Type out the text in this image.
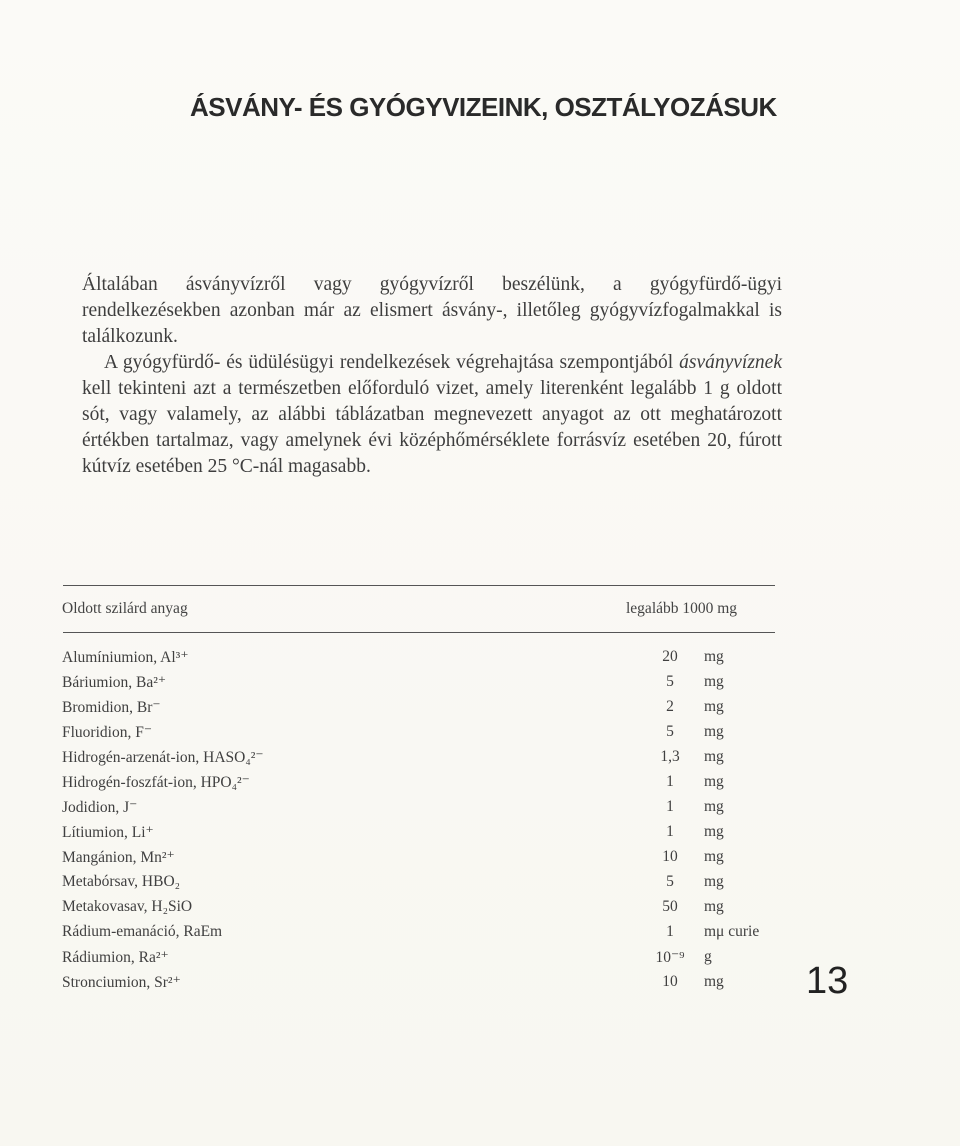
ÁSVÁNY- ÉS GYÓGYVIZEINK, OSZTÁLYOZÁSUK

Általában ásványvízről vagy gyógyvízről beszélünk, a gyógyfürdő-ügyi rendelkezésekben azonban már az elismert ásvány-, illetőleg gyógyvízfogalmakkal is találkozunk.

A gyógyfürdő- és üdülésügyi rendelkezések végrehajtása szempontjából ásványvíznek kell tekinteni azt a természetben előforduló vizet, amely literenként legalább 1 g oldott sót, vagy valamely, az alábbi táblázatban megnevezett anyagot az ott meghatározott értékben tartalmaz, vagy amelynek évi középhőmérséklete forrásvíz esetében 20, fúrott kútvíz esetében 25 °C-nál magasabb.

Oldott szilárd anyag	legalább 1000 mg
Alumíniumion, Al³⁺	20	mg
Báriumion, Ba²⁺	5	mg
Bromidion, Br⁻	2	mg
Fluoridion, F⁻	5	mg
Hidrogén-arzenát-ion, HASO₄²⁻	1,3	mg
Hidrogén-foszfát-ion, HPO₄²⁻	1	mg
Jodidion, J⁻	1	mg
Lítiumion, Li⁺	1	mg
Mangánion, Mn²⁺	10	mg
Metabórsav, HBO₂	5	mg
Metakovasav, H₂SiO	50	mg
Rádium-emanáció, RaEm	1	mμ curie
Rádiumion, Ra²⁺	10⁻⁹	g
Stronciumion, Sr²⁺	10	mg 13
